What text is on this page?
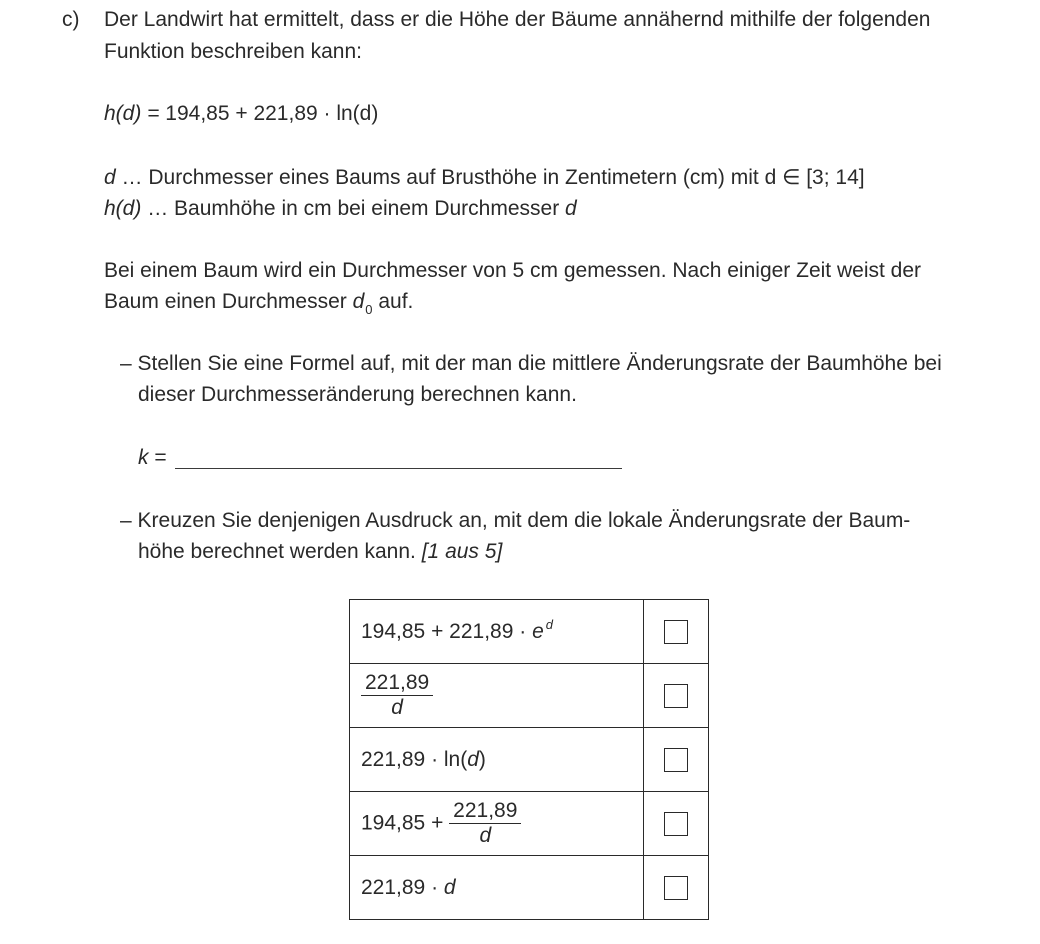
c) Der Landwirt hat ermittelt, dass er die Höhe der Bäume annähernd mithilfe der folgenden
Funktion beschreiben kann:
h(d) = 194,85 + 221,89 · ln(d)
d … Durchmesser eines Baums auf Brusthöhe in Zentimetern (cm) mit d ∈ [3; 14]
h(d) … Baumhöhe in cm bei einem Durchmesser d
Bei einem Baum wird ein Durchmesser von 5 cm gemessen. Nach einiger Zeit weist der
Baum einen Durchmesser $d_0$ auf.
– Stellen Sie eine Formel auf, mit der man die mittlere Änderungsrate der Baumhöhe bei
dieser Durchmesseränderung berechnen kann.
k =
– Kreuzen Sie denjenigen Ausdruck an, mit dem die lokale Änderungsrate der Baum-
höhe berechnet werden kann. [1 aus 5]
194,85 + 221,89 · e $^d$	

$\frac{221,89}{d}$

221,89 · ln(d)	
$194,85 + \frac{221,89}{d}$

221,89 · d	
